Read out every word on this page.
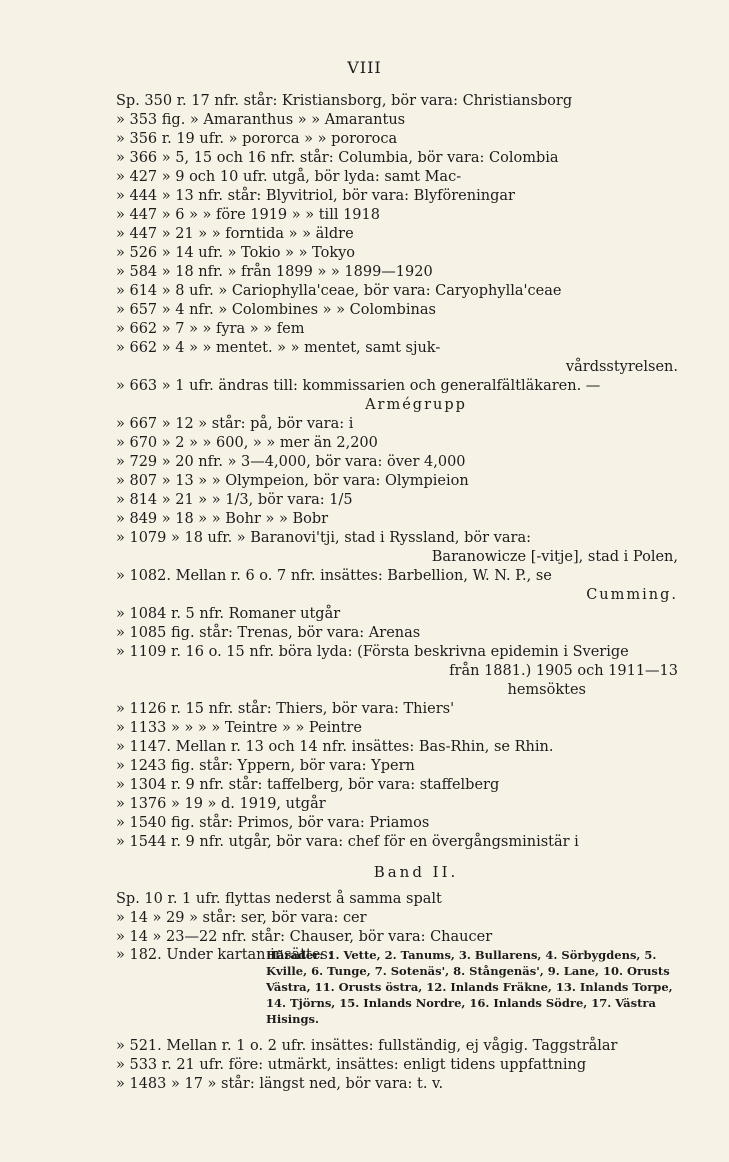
VIII
Sp. 350 r. 17 nfr. står: Kristiansborg, bör vara: Christiansborg
» 353 fig. » Amaranthus » » Amarantus
» 356 r. 19 ufr. » pororca » » pororoca
» 366 » 5, 15 och 16 nfr. står: Columbia, bör vara: Colombia
» 427 » 9 och 10 ufr. utgå, bör lyda: samt Mac-
» 444 » 13 nfr. står: Blyvitriol, bör vara: Blyföreningar
» 447 » 6 » » före 1919 » » till 1918
» 447 » 21 » » forntida » » äldre
» 526 » 14 ufr. » Tokio » » Tokyo
» 584 » 18 nfr. » från 1899 » » 1899—1920
» 614 » 8 ufr. » Cariophylla'ceae, bör vara: Caryophylla'ceae
» 657 » 4 nfr. » Colombines » » Colombinas
» 662 » 7 » » fyra » » fem
» 662 » 4 » » mentet. » » mentet, samt sjuk-
vårdsstyrelsen.
» 663 » 1 ufr. ändras till: kommissarien och generalfältläkaren. —
Armégrupp
» 667 » 12 » står: på, bör vara: i
» 670 » 2 » » 600, » » mer än 2,200
» 729 » 20 nfr. » 3—4,000, bör vara: över 4,000
» 807 » 13 » » Olympeion, bör vara: Olympieion
» 814 » 21 » » 1/3, bör vara: 1/5
» 849 » 18 » » Bohr » » Bobr
» 1079 » 18 ufr. » Baranovi'tji, stad i Ryssland, bör vara:
Baranowicze [-vitje], stad i Polen,
» 1082. Mellan r. 6 o. 7 nfr. insättes: Barbellion, W. N. P., se
Cumming.
» 1084 r. 5 nfr. Romaner utgår
» 1085 fig. står: Trenas, bör vara: Arenas
» 1109 r. 16 o. 15 nfr. böra lyda: (Första beskrivna epidemin i Sverige
från 1881.) 1905 och 1911—13
hemsöktes
» 1126 r. 15 nfr. står: Thiers, bör vara: Thiers'
» 1133 » » » » Teintre » » Peintre
» 1147. Mellan r. 13 och 14 nfr. insättes: Bas-Rhin, se Rhin.
» 1243 fig. står: Yppern, bör vara: Ypern
» 1304 r. 9 nfr. står: taffelberg, bör vara: staffelberg
» 1376 » 19 » d. 1919, utgår
» 1540 fig. står: Primos, bör vara: Priamos
» 1544 r. 9 nfr. utgår, bör vara: chef för en övergångsministär i
Band II.
Sp. 10 r. 1 ufr. flyttas nederst å samma spalt
» 14 » 29 » står: ser, bör vara: cer
» 14 » 23—22 nfr. står: Chauser, bör vara: Chaucer
» 182. Under kartan insättes:
Härader: 1. Vette, 2. Tanums, 3. Bullarens, 4. Sörbygdens, 5. Kville, 6. Tunge, 7. Sotenäs', 8. Stångenäs', 9. Lane, 10. Orusts Västra, 11. Orusts östra, 12. Inlands Fräkne, 13. Inlands Torpe, 14. Tjörns, 15. Inlands Nordre, 16. Inlands Södre, 17. Västra Hisings.
» 521. Mellan r. 1 o. 2 ufr. insättes: fullständig, ej vågig. Taggstrålar
» 533 r. 21 ufr. före: utmärkt, insättes: enligt tidens uppfattning
» 1483 » 17 » står: längst ned, bör vara: t. v.
